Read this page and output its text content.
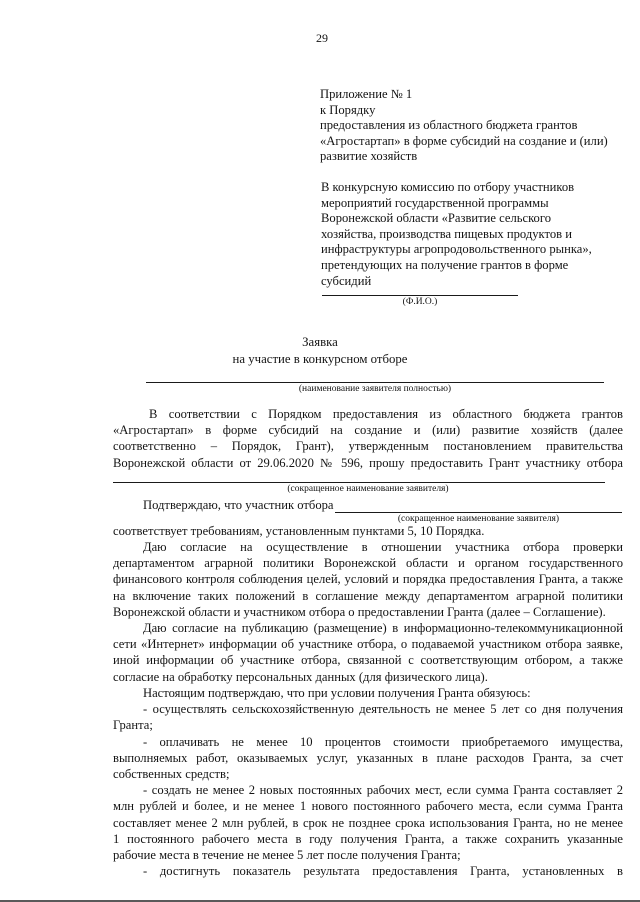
29
Приложение № 1
к Порядку
предоставления из областного бюджета грантов
«Агростартап» в форме субсидий на создание и (или)
развитие хозяйств
В конкурсную комиссию по отбору участников
мероприятий государственной программы
Воронежской области «Развитие сельского
хозяйства, производства пищевых продуктов и
инфраструктуры агропродовольственного рынка»,
претендующих на получение грантов в форме
субсидий
(Ф.И.О.)
Заявка
на участие в конкурсном отборе
(наименование заявителя полностью)
В соответствии с Порядком предоставления из областного бюджета грантов
«Агростартап» в форме субсидий на создание и (или) развитие хозяйств (далее
соответственно – Порядок, Грант), утвержденным постановлением правительства
Воронежской области от 29.06.2020 № 596, прошу предоставить Грант участнику отбора
(сокращенное наименование заявителя)
Подтверждаю, что участник отбора
(сокращенное наименование заявителя)
соответствует требованиям, установленным пунктами 5, 10 Порядка.
Даю согласие на осуществление в отношении участника отбора проверки
департаментом аграрной политики Воронежской области и органом государственного
финансового контроля соблюдения целей, условий и порядка предоставления Гранта, а также
на включение таких положений в соглашение между департаментом аграрной политики
Воронежской области и участником отбора о предоставлении Гранта (далее – Соглашение).
Даю согласие на публикацию (размещение) в информационно-телекоммуникационной
сети «Интернет» информации об участнике отбора, о подаваемой участником отбора заявке,
иной информации об участнике отбора, связанной с соответствующим отбором, а также
согласие на обработку персональных данных (для физического лица).
Настоящим подтверждаю, что при условии получения Гранта обязуюсь:
- осуществлять сельскохозяйственную деятельность не менее 5 лет со дня получения
Гранта;
- оплачивать не менее 10 процентов стоимости приобретаемого имущества,
выполняемых работ, оказываемых услуг, указанных в плане расходов Гранта, за счет
собственных средств;
- создать не менее 2 новых постоянных рабочих мест, если сумма Гранта составляет 2
млн рублей и более, и не менее 1 нового постоянного рабочего места, если сумма Гранта
составляет менее 2 млн рублей, в срок не позднее срока использования Гранта, но не менее
1 постоянного рабочего места в году получения Гранта, а также сохранить указанные
рабочие места в течение не менее 5 лет после получения Гранта;
- достигнуть показатель результата предоставления Гранта, установленных в
